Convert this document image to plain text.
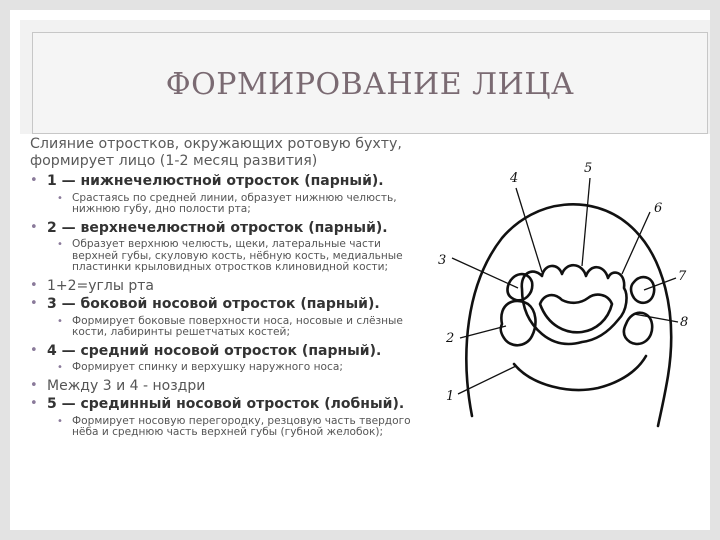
ФОРМИРОВАНИЕ ЛИЦА

Слияние отростков, окружающих ротовую бухту, формирует лицо (1-2 месяц развития)

• 1 — нижнечелюстной отросток (парный).
• Срастаясь по средней линии, образует нижнюю челюсть, нижнюю губу, дно полости рта;
• 2 — верхнечелюстной отросток (парный).
• Образует верхнюю челюсть, щеки, латеральные части верхней губы, скуловую кость, нёбную кость, медиальные пластинки крыловидных отростков клиновидной кости;
• 1+2=углы рта
• 3 — боковой носовой отросток (парный).
• Формирует боковые поверхности носа, носовые и слёзные кости, лабиринты решетчатых костей;
• 4 — средний носовой отросток (парный).
• Формирует спинку и верхушку наружного носа;
• Между 3 и 4 - ноздри
• 5 — срединный носовой отросток (лобный).
• Формирует носовую перегородку, резцовую часть твердого нёба и среднюю часть верхней губы (губной желобок);
4
5
6
3
7
8
2
1
